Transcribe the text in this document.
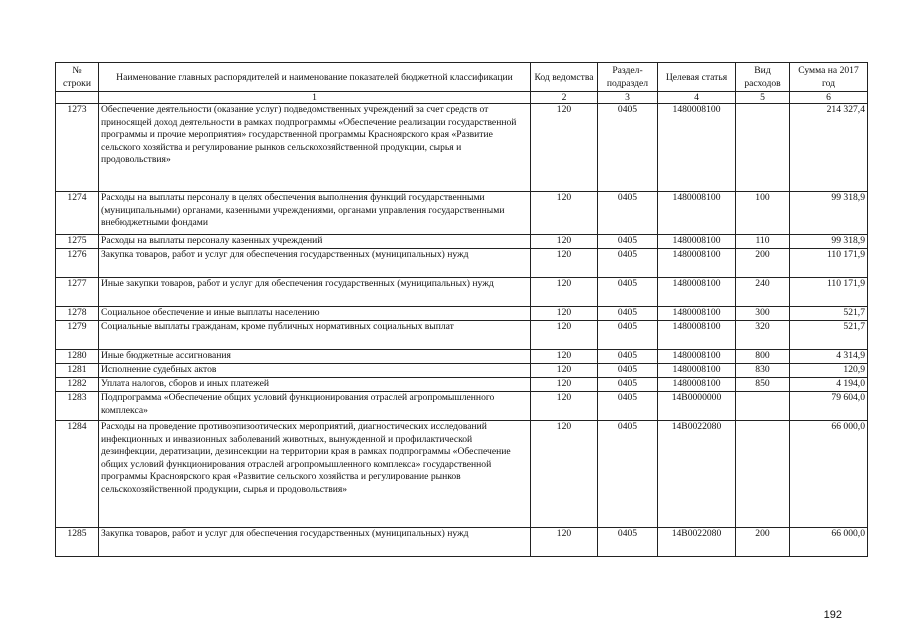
№ строки	Наименование главных распорядителей и наименование показателей бюджетной классификации	Код ведомства	Раздел-подраздел	Целевая статья	Вид расходов	Сумма на 2017 год
	1	2	3	4	5	6
1273	Обеспечение деятельности (оказание услуг) подведомственных учреждений за счет средств от приносящей доход деятельности в рамках подпрограммы «Обеспечение реализации государственной программы и прочие мероприятия» государственной программы Красноярского края «Развитие сельского хозяйства и регулирование рынков сельскохозяйственной продукции, сырья и продовольствия»	120	0405	1480008100		214 327,4
1274	Расходы на выплаты персоналу в целях обеспечения выполнения функций государственными (муниципальными) органами, казенными учреждениями, органами управления государственными внебюджетными фондами	120	0405	1480008100	100	99 318,9
1275	Расходы на выплаты персоналу казенных учреждений	120	0405	1480008100	110	99 318,9
1276	Закупка товаров, работ и услуг для обеспечения государственных (муниципальных) нужд	120	0405	1480008100	200	110 171,9
1277	Иные закупки товаров, работ и услуг для обеспечения государственных (муниципальных) нужд	120	0405	1480008100	240	110 171,9
1278	Социальное обеспечение и иные выплаты населению	120	0405	1480008100	300	521,7
1279	Социальные выплаты гражданам, кроме публичных нормативных социальных выплат	120	0405	1480008100	320	521,7
1280	Иные бюджетные ассигнования	120	0405	1480008100	800	4 314,9
1281	Исполнение судебных актов	120	0405	1480008100	830	120,9
1282	Уплата налогов, сборов и иных платежей	120	0405	1480008100	850	4 194,0
1283	Подпрограмма «Обеспечение общих условий функционирования отраслей агропромышленного комплекса»	120	0405	14В0000000		79 604,0
1284	Расходы на проведение противоэпизоотических мероприятий, диагностических исследований инфекционных и инвазионных заболеваний животных, вынужденной и профилактической дезинфекции, дератизации, дезинсекции на территории края в рамках подпрограммы «Обеспечение общих условий функционирования отраслей агропромышленного комплекса» государственной программы Красноярского края «Развитие сельского хозяйства и регулирование рынков сельскохозяйственной продукции, сырья и продовольствия»	120	0405	14В0022080		66 000,0
1285	Закупка товаров, работ и услуг для обеспечения государственных (муниципальных) нужд	120	0405	14В0022080	200	66 000,0
192
